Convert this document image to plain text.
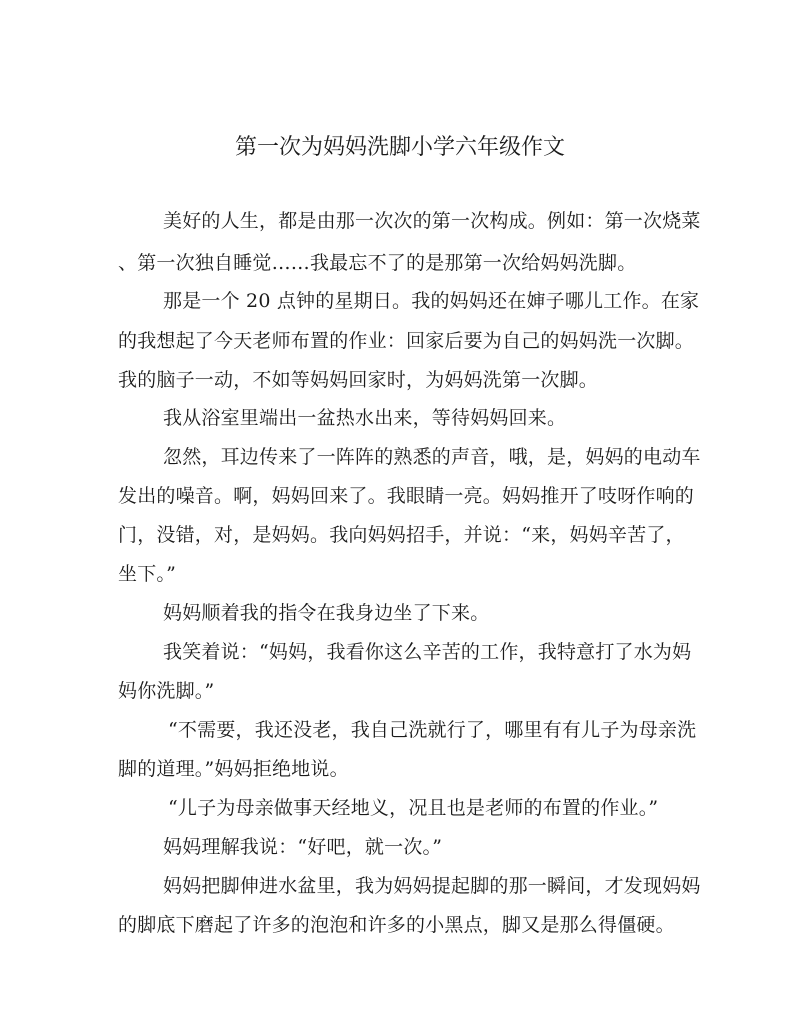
第一次为妈妈洗脚小学六年级作文
美好的人生，都是由那一次次的第一次构成。例如：第一次烧菜
、第一次独自睡觉……我最忘不了的是那第一次给妈妈洗脚。
那是一个 20 点钟的星期日。我的妈妈还在婶子哪儿工作。在家
的我想起了今天老师布置的作业：回家后要为自己的妈妈洗一次脚。
我的脑子一动，不如等妈妈回家时，为妈妈洗第一次脚。
我从浴室里端出一盆热水出来，等待妈妈回来。
忽然，耳边传来了一阵阵的熟悉的声音，哦，是，妈妈的电动车
发出的噪音。啊，妈妈回来了。我眼睛一亮。妈妈推开了吱呀作响的
门，没错，对，是妈妈。我向妈妈招手，并说：“来，妈妈辛苦了，
坐下。”
妈妈顺着我的指令在我身边坐了下来。
我笑着说：“妈妈，我看你这么辛苦的工作，我特意打了水为妈
妈你洗脚。”
“不需要，我还没老，我自己洗就行了，哪里有有儿子为母亲洗
脚的道理。”妈妈拒绝地说。
“儿子为母亲做事天经地义，况且也是老师的布置的作业。”
妈妈理解我说：“好吧，就一次。”
妈妈把脚伸进水盆里，我为妈妈提起脚的那一瞬间，才发现妈妈
的脚底下磨起了许多的泡泡和许多的小黑点，脚又是那么得僵硬。
